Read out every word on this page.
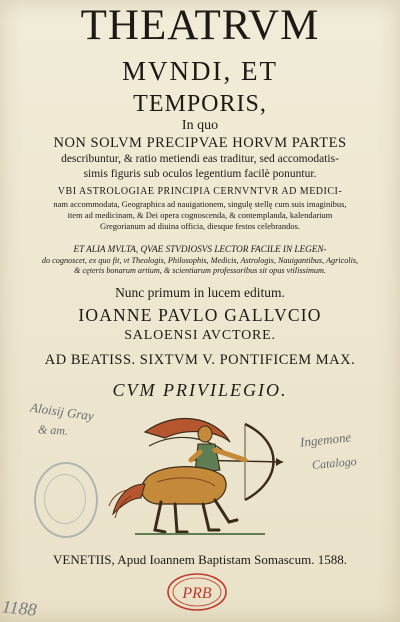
THEATRVM
MVNDI, ET
TEMPORIS,
In quo
NON SOLVM PRECIPVAE HORVM PARTES
describuntur, & ratio metiendi eas traditur, sed accomodatis-
simis figuris sub oculos legentium facilè ponuntur.
VBI ASTROLOGIAE PRINCIPIA CERNVNTVR AD MEDICI-
nam accommodata, Geographica ad nauigationem, singulę stellę cum suis imaginibus,
item ad medicinam, & Dei opera cognoscenda, & contemplanda, kalendarium
Gregorianum ad diuina officia, diesque festos celebrandos.
ET ALIA MVLTA, QVAE STVDIOSVS LECTOR FACILE IN LEGEN-
do cognoscet, ex quo fit, vt Theologis, Philosophis, Medicis, Astrologis, Nauigantibus, Agricolis,
& cęteris bonarum artium, & scientiarum professoribus sit opus vtilissimum.
Nunc primum in lucem editum.
IOANNE PAVLO GALLVCIO
SALOENSI AVCTORE.
AD BEATISS. SIXTVM V. PONTIFICEM MAX.
CVM PRIVILEGIO.
Aloisij Gray
& am.	Ingemone
Catalogo
VENETIIS, Apud Ioannem Baptistam Somascum. 1588.
PRB
1188
